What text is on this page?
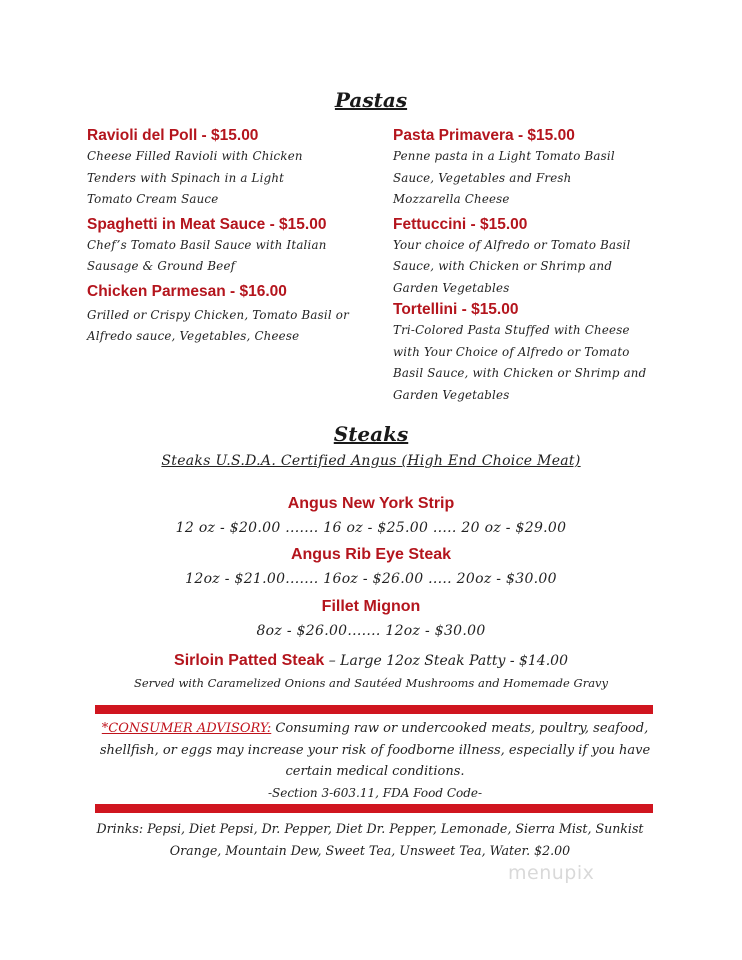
Pastas
Ravioli del Poll - $15.00
Cheese Filled Ravioli with Chicken Tenders with Spinach in a Light Tomato Cream Sauce
Spaghetti in Meat Sauce - $15.00
Chef’s Tomato Basil Sauce with Italian Sausage & Ground Beef
Chicken Parmesan - $16.00
Grilled or Crispy Chicken, Tomato Basil or Alfredo sauce, Vegetables, Cheese
Pasta Primavera - $15.00
Penne pasta in a Light Tomato Basil Sauce, Vegetables and Fresh Mozzarella Cheese
Fettuccini - $15.00
Your choice of Alfredo or Tomato Basil Sauce, with Chicken or Shrimp and Garden Vegetables
Tortellini - $15.00
Tri-Colored Pasta Stuffed with Cheese with Your Choice of Alfredo or Tomato Basil Sauce, with Chicken or Shrimp and Garden Vegetables
Steaks
Steaks U.S.D.A. Certified Angus (High End Choice Meat)
Angus New York Strip
12 oz - $20.00 ....... 16 oz - $25.00 ..... 20 oz - $29.00
Angus Rib Eye Steak
12oz - $21.00....... 16oz - $26.00 ..... 20oz - $30.00
Fillet Mignon
8oz - $26.00....... 12oz - $30.00
Sirloin Patted Steak – Large 12oz Steak Patty - $14.00
Served with Caramelized Onions and Sautéed Mushrooms and Homemade Gravy
*CONSUMER ADVISORY: Consuming raw or undercooked meats, poultry, seafood, shellfish, or eggs may increase your risk of foodborne illness, especially if you have certain medical conditions.
-Section 3-603.11, FDA Food Code-
Drinks: Pepsi, Diet Pepsi, Dr. Pepper, Diet Dr. Pepper, Lemonade, Sierra Mist, Sunkist Orange, Mountain Dew, Sweet Tea, Unsweet Tea, Water. $2.00
menupix
